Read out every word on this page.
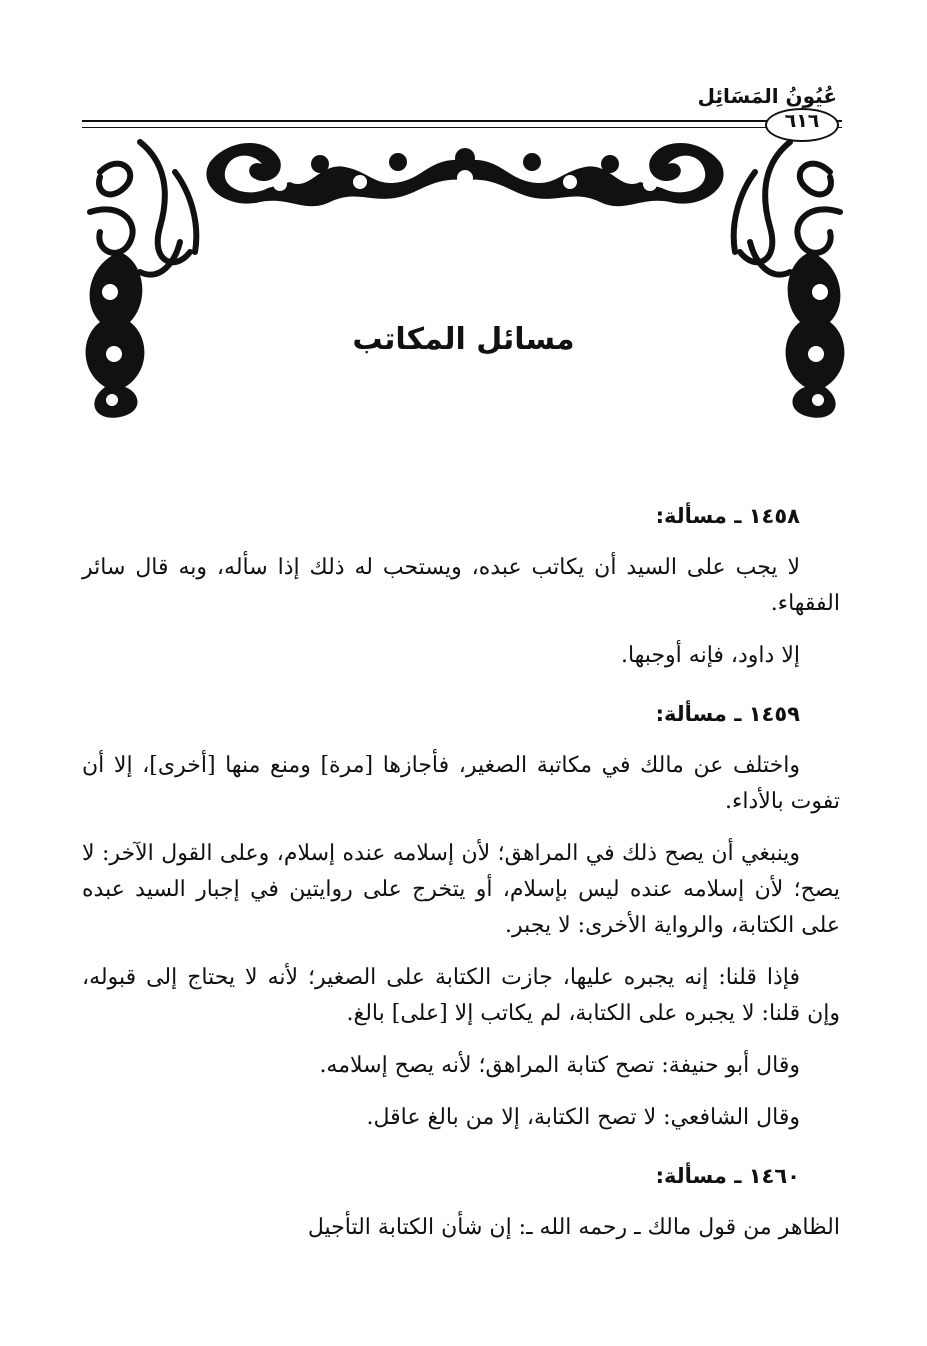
عُيُونُ المَسَائِل
٦١٦
مسائل المكاتب
١٤٥٨ ـ مسألة:

لا يجب على السيد أن يكاتب عبده، ويستحب له ذلك إذا سأله، وبه قال سائر الفقهاء.

إلا داود، فإنه أوجبها.

١٤٥٩ ـ مسألة:

واختلف عن مالك في مكاتبة الصغير، فأجازها [مرة] ومنع منها [أخرى]، إلا أن تفوت بالأداء.

وينبغي أن يصح ذلك في المراهق؛ لأن إسلامه عنده إسلام، وعلى القول الآخر: لا يصح؛ لأن إسلامه عنده ليس بإسلام، أو يتخرج على روايتين في إجبار السيد عبده على الكتابة، والرواية الأخرى: لا يجبر.

فإذا قلنا: إنه يجبره عليها، جازت الكتابة على الصغير؛ لأنه لا يحتاج إلى قبوله، وإن قلنا: لا يجبره على الكتابة، لم يكاتب إلا [على] بالغ.

وقال أبو حنيفة: تصح كتابة المراهق؛ لأنه يصح إسلامه.

وقال الشافعي: لا تصح الكتابة، إلا من بالغ عاقل.

١٤٦٠ ـ مسألة:

الظاهر من قول مالك ـ رحمه الله ـ: إن شأن الكتابة التأجيل
